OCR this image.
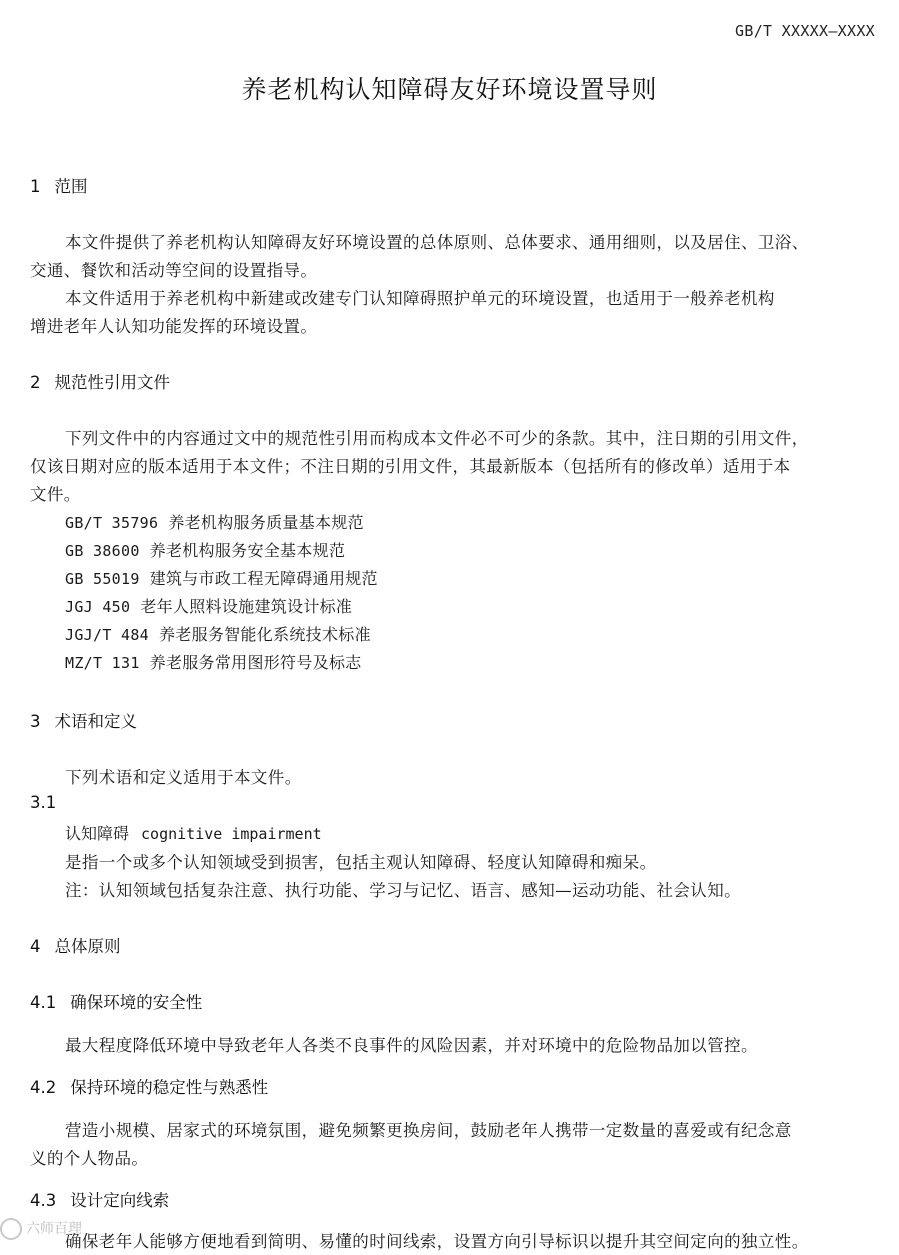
GB/T XXXXX—XXXX
养老机构认知障碍友好环境设置导则
1 范围
本文件提供了养老机构认知障碍友好环境设置的总体原则、总体要求、通用细则，以及居住、卫浴、
交通、餐饮和活动等空间的设置指导。
本文件适用于养老机构中新建或改建专门认知障碍照护单元的环境设置，也适用于一般养老机构
增进老年人认知功能发挥的环境设置。
2 规范性引用文件
下列文件中的内容通过文中的规范性引用而构成本文件必不可少的条款。其中，注日期的引用文件，
仅该日期对应的版本适用于本文件；不注日期的引用文件，其最新版本（包括所有的修改单）适用于本
文件。
GB/T 35796 养老机构服务质量基本规范
GB 38600 养老机构服务安全基本规范
GB 55019 建筑与市政工程无障碍通用规范
JGJ 450 老年人照料设施建筑设计标准
JGJ/T 484 养老服务智能化系统技术标准
MZ/T 131 养老服务常用图形符号及标志
3 术语和定义
下列术语和定义适用于本文件。
3.1
认知障碍 cognitive impairment
是指一个或多个认知领域受到损害，包括主观认知障碍、轻度认知障碍和痴呆。
注：认知领域包括复杂注意、执行功能、学习与记忆、语言、感知—运动功能、社会认知。
4 总体原则
4.1 确保环境的安全性
最大程度降低环境中导致老年人各类不良事件的风险因素，并对环境中的危险物品加以管控。
4.2 保持环境的稳定性与熟悉性
营造小规模、居家式的环境氛围，避免频繁更换房间，鼓励老年人携带一定数量的喜爱或有纪念意
义的个人物品。
4.3 设计定向线索
确保老年人能够方便地看到简明、易懂的时间线索，设置方向引导标识以提升其空间定向的独立性。
六师百理
